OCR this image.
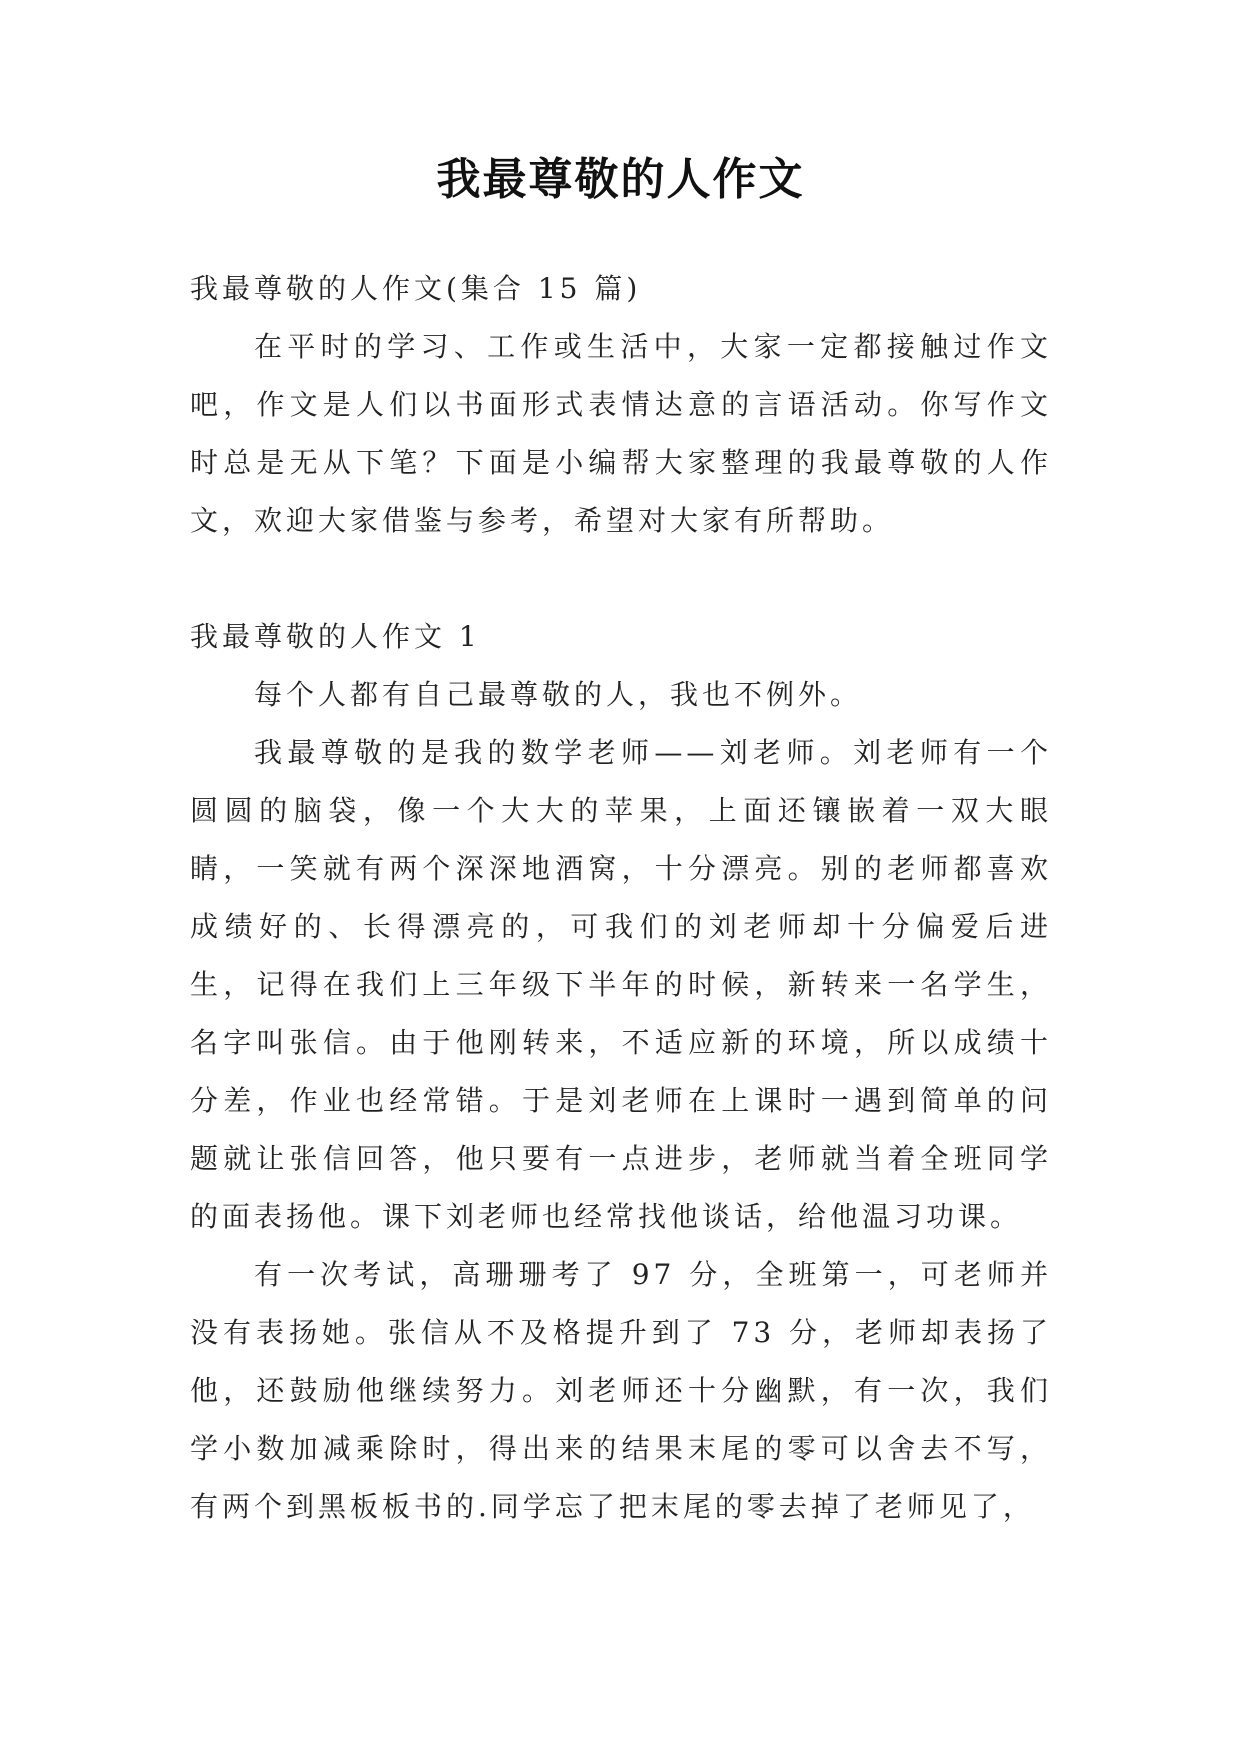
我最尊敬的人作文

我最尊敬的人作文(集合 15 篇)

在平时的学习、工作或生活中，大家一定都接触过作文吧，作文是人们以书面形式表情达意的言语活动。你写作文时总是无从下笔？下面是小编帮大家整理的我最尊敬的人作文，欢迎大家借鉴与参考，希望对大家有所帮助。

我最尊敬的人作文 1

每个人都有自己最尊敬的人，我也不例外。

我最尊敬的是我的数学老师——刘老师。刘老师有一个圆圆的脑袋，像一个大大的苹果，上面还镶嵌着一双大眼睛，一笑就有两个深深地酒窝，十分漂亮。别的老师都喜欢成绩好的、长得漂亮的，可我们的刘老师却十分偏爱后进生，记得在我们上三年级下半年的时候，新转来一名学生，名字叫张信。由于他刚转来，不适应新的环境，所以成绩十分差，作业也经常错。于是刘老师在上课时一遇到简单的问题就让张信回答，他只要有一点进步，老师就当着全班同学的面表扬他。课下刘老师也经常找他谈话，给他温习功课。

有一次考试，高珊珊考了 97 分，全班第一，可老师并没有表扬她。张信从不及格提升到了 73 分，老师却表扬了他，还鼓励他继续努力。刘老师还十分幽默，有一次，我们学小数加减乘除时，得出来的结果末尾的零可以舍去不写，有两个到黑板板书的.同学忘了把末尾的零去掉了老师见了，
